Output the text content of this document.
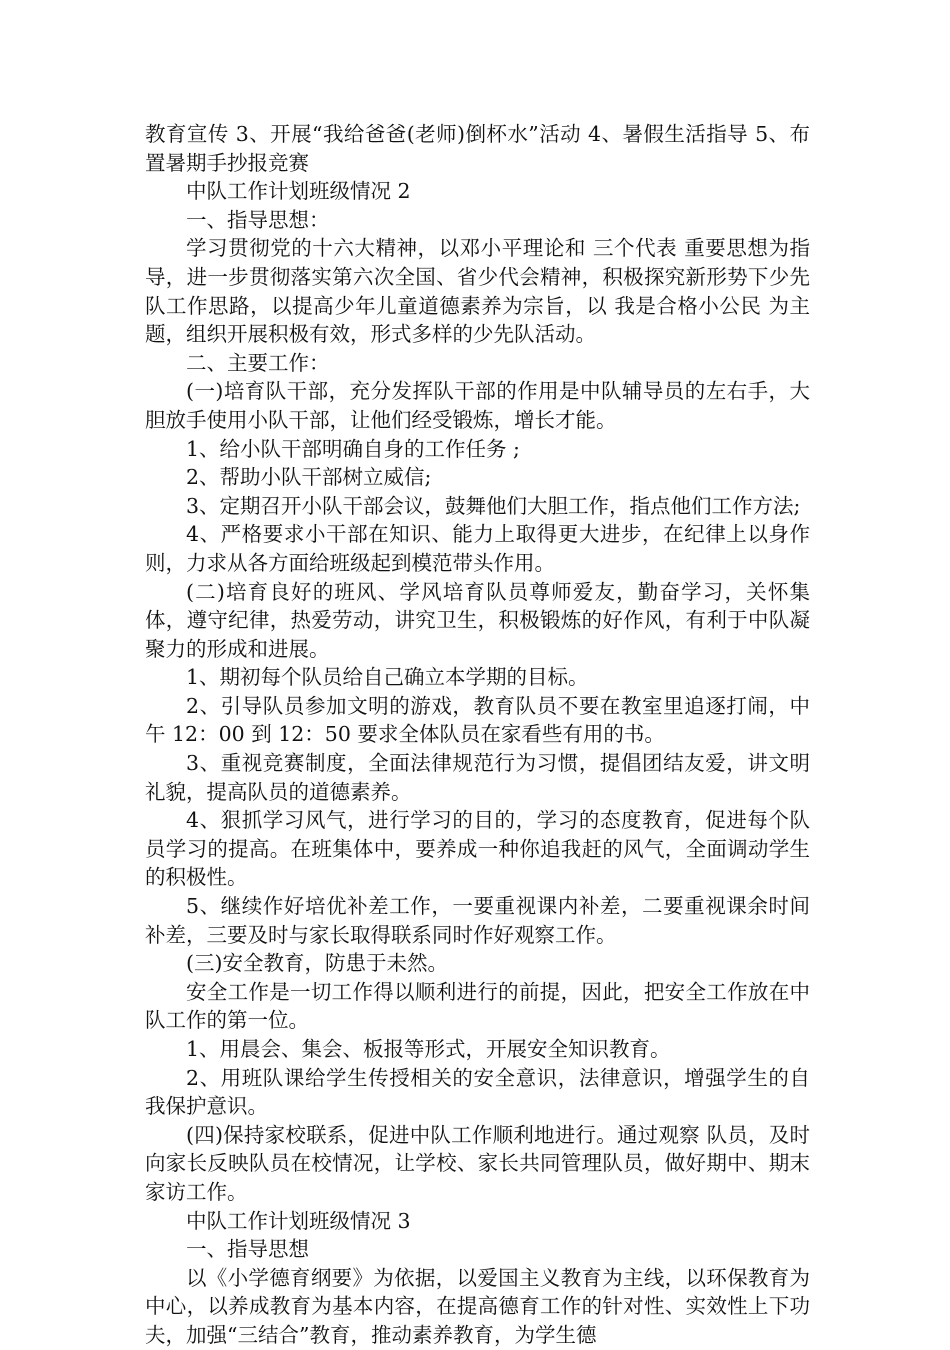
教育宣传 3、开展“我给爸爸(老师)倒杯水”活动 4、暑假生活指导 5、布置暑期手抄报竞赛

中队工作计划班级情况 2

一、指导思想：

学习贯彻党的十六大精神，以邓小平理论和 三个代表 重要思想为指导，进一步贯彻落实第六次全国、省少代会精神，积极探究新形势下少先队工作思路，以提高少年儿童道德素养为宗旨，以 我是合格小公民 为主题，组织开展积极有效，形式多样的少先队活动。

二、主要工作：

(一)培育队干部，充分发挥队干部的作用是中队辅导员的左右手，大胆放手使用小队干部，让他们经受锻炼，增长才能。

1、给小队干部明确自身的工作任务 ;

2、帮助小队干部树立威信;

3、定期召开小队干部会议，鼓舞他们大胆工作，指点他们工作方法;

4、严格要求小干部在知识、能力上取得更大进步，在纪律上以身作则，力求从各方面给班级起到模范带头作用。

(二)培育良好的班风、学风培育队员尊师爱友，勤奋学习，关怀集体，遵守纪律，热爱劳动，讲究卫生，积极锻炼的好作风，有利于中队凝聚力的形成和进展。

1、期初每个队员给自己确立本学期的目标。

2、引导队员参加文明的游戏，教育队员不要在教室里追逐打闹，中午 12：00 到 12：50 要求全体队员在家看些有用的书。

3、重视竞赛制度，全面法律规范行为习惯，提倡团结友爱，讲文明礼貌，提高队员的道德素养。

4、狠抓学习风气，进行学习的目的，学习的态度教育，促进每个队员学习的提高。在班集体中，要养成一种你追我赶的风气，全面调动学生的积极性。

5、继续作好培优补差工作，一要重视课内补差，二要重视课余时间补差，三要及时与家长取得联系同时作好观察工作。

(三)安全教育，防患于未然。

安全工作是一切工作得以顺利进行的前提，因此，把安全工作放在中队工作的第一位。

1、用晨会、集会、板报等形式，开展安全知识教育。

2、用班队课给学生传授相关的安全意识，法律意识，增强学生的自我保护意识。

(四)保持家校联系，促进中队工作顺利地进行。通过观察 队员，及时向家长反映队员在校情况，让学校、家长共同管理队员，做好期中、期末家访工作。

中队工作计划班级情况 3

一、指导思想

以《小学德育纲要》为依据，以爱国主义教育为主线，以环保教育为中心，以养成教育为基本内容，在提高德育工作的针对性、实效性上下功夫，加强“三结合”教育，推动素养教育，为学生德
